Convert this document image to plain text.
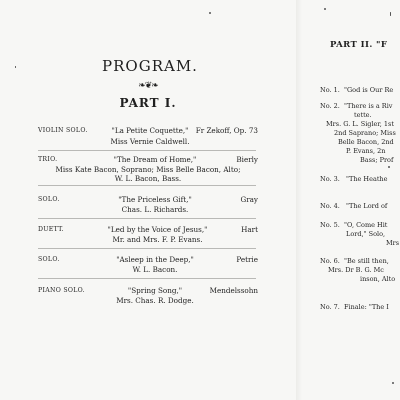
PROGRAM.
❧❦❧
PART I.
VIOLIN SOLO.	"La Petite Coquette,"	Fr Zekoff, Op. 73
Miss Vernie Caldwell.
TRIO.	"The Dream of Home,"	Bierly
Miss Kate Bacon, Soprano; Miss Belle Bacon, Alto;
W. L. Bacon, Bass.
SOLO.	"The Priceless Gift,"	Gray
Chas. L. Richards.
DUETT.	"Led by the Voice of Jesus,"	Hart
Mr. and Mrs. F. P. Evans.
SOLO.	"Asleep in the Deep,"	Petrie
W. L. Bacon.
PIANO SOLO.	"Spring Song,"	Mendelssohn
Mrs. Chas. R. Dodge.
PART II. "F
No. 1. "God is Our Re
No. 2. "There is a Riv
tette.
Mrs. G. L. Sigler, 1st
2nd Saprano; Miss
Belle Bacon, 2nd
P. Evans, 2n
Bass; Prof
No. 3. "The Heathe
No. 4. "The Lord of
No. 5. "O, Come Hit
Lord," Solo,
Mrs
No. 6. "Be still then,
Mrs. Dr B. G. Mc
inson, Alto
No. 7. Finale: "The I
